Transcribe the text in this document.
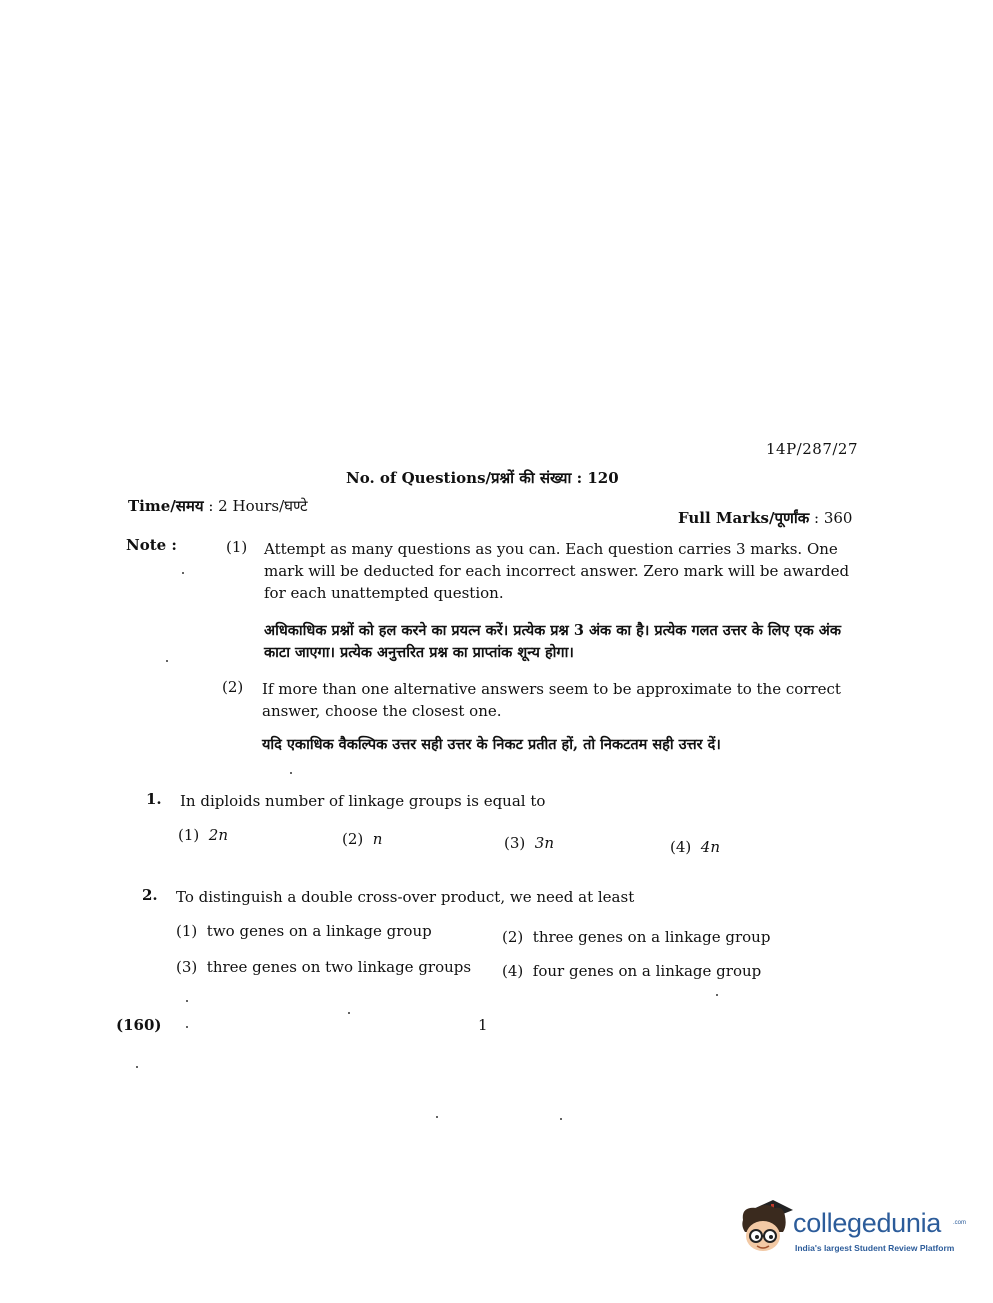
14P/287/27
No. of Questions/प्रश्नों की संख्या : 120
Time/समय : 2 Hours/घण्टे
Full Marks/पूर्णांक : 360
Note :	(1) Attempt as many questions as you can. Each question carries 3 marks. One mark will be deducted for each incorrect answer. Zero mark will be awarded for each unattempted question.
अधिकाधिक प्रश्नों को हल करने का प्रयत्न करें। प्रत्येक प्रश्न 3 अंक का है। प्रत्येक गलत उत्तर के लिए एक अंक काटा जाएगा। प्रत्येक अनुत्तरित प्रश्न का प्राप्तांक शून्य होगा।
(2) If more than one alternative answers seem to be approximate to the correct answer, choose the closest one.
यदि एकाधिक वैकल्पिक उत्तर सही उत्तर के निकट प्रतीत हों, तो निकटतम सही उत्तर दें।
1. In diploids number of linkage groups is equal to
(1) 2n	(2) n	(3) 3n	(4) 4n
2. To distinguish a double cross-over product, we need at least
(1) two genes on a linkage group	(2) three genes on a linkage group
(3) three genes on two linkage groups (4) four genes on a linkage group
(160)	1
collegedunia .com
India's largest Student Review Platform
